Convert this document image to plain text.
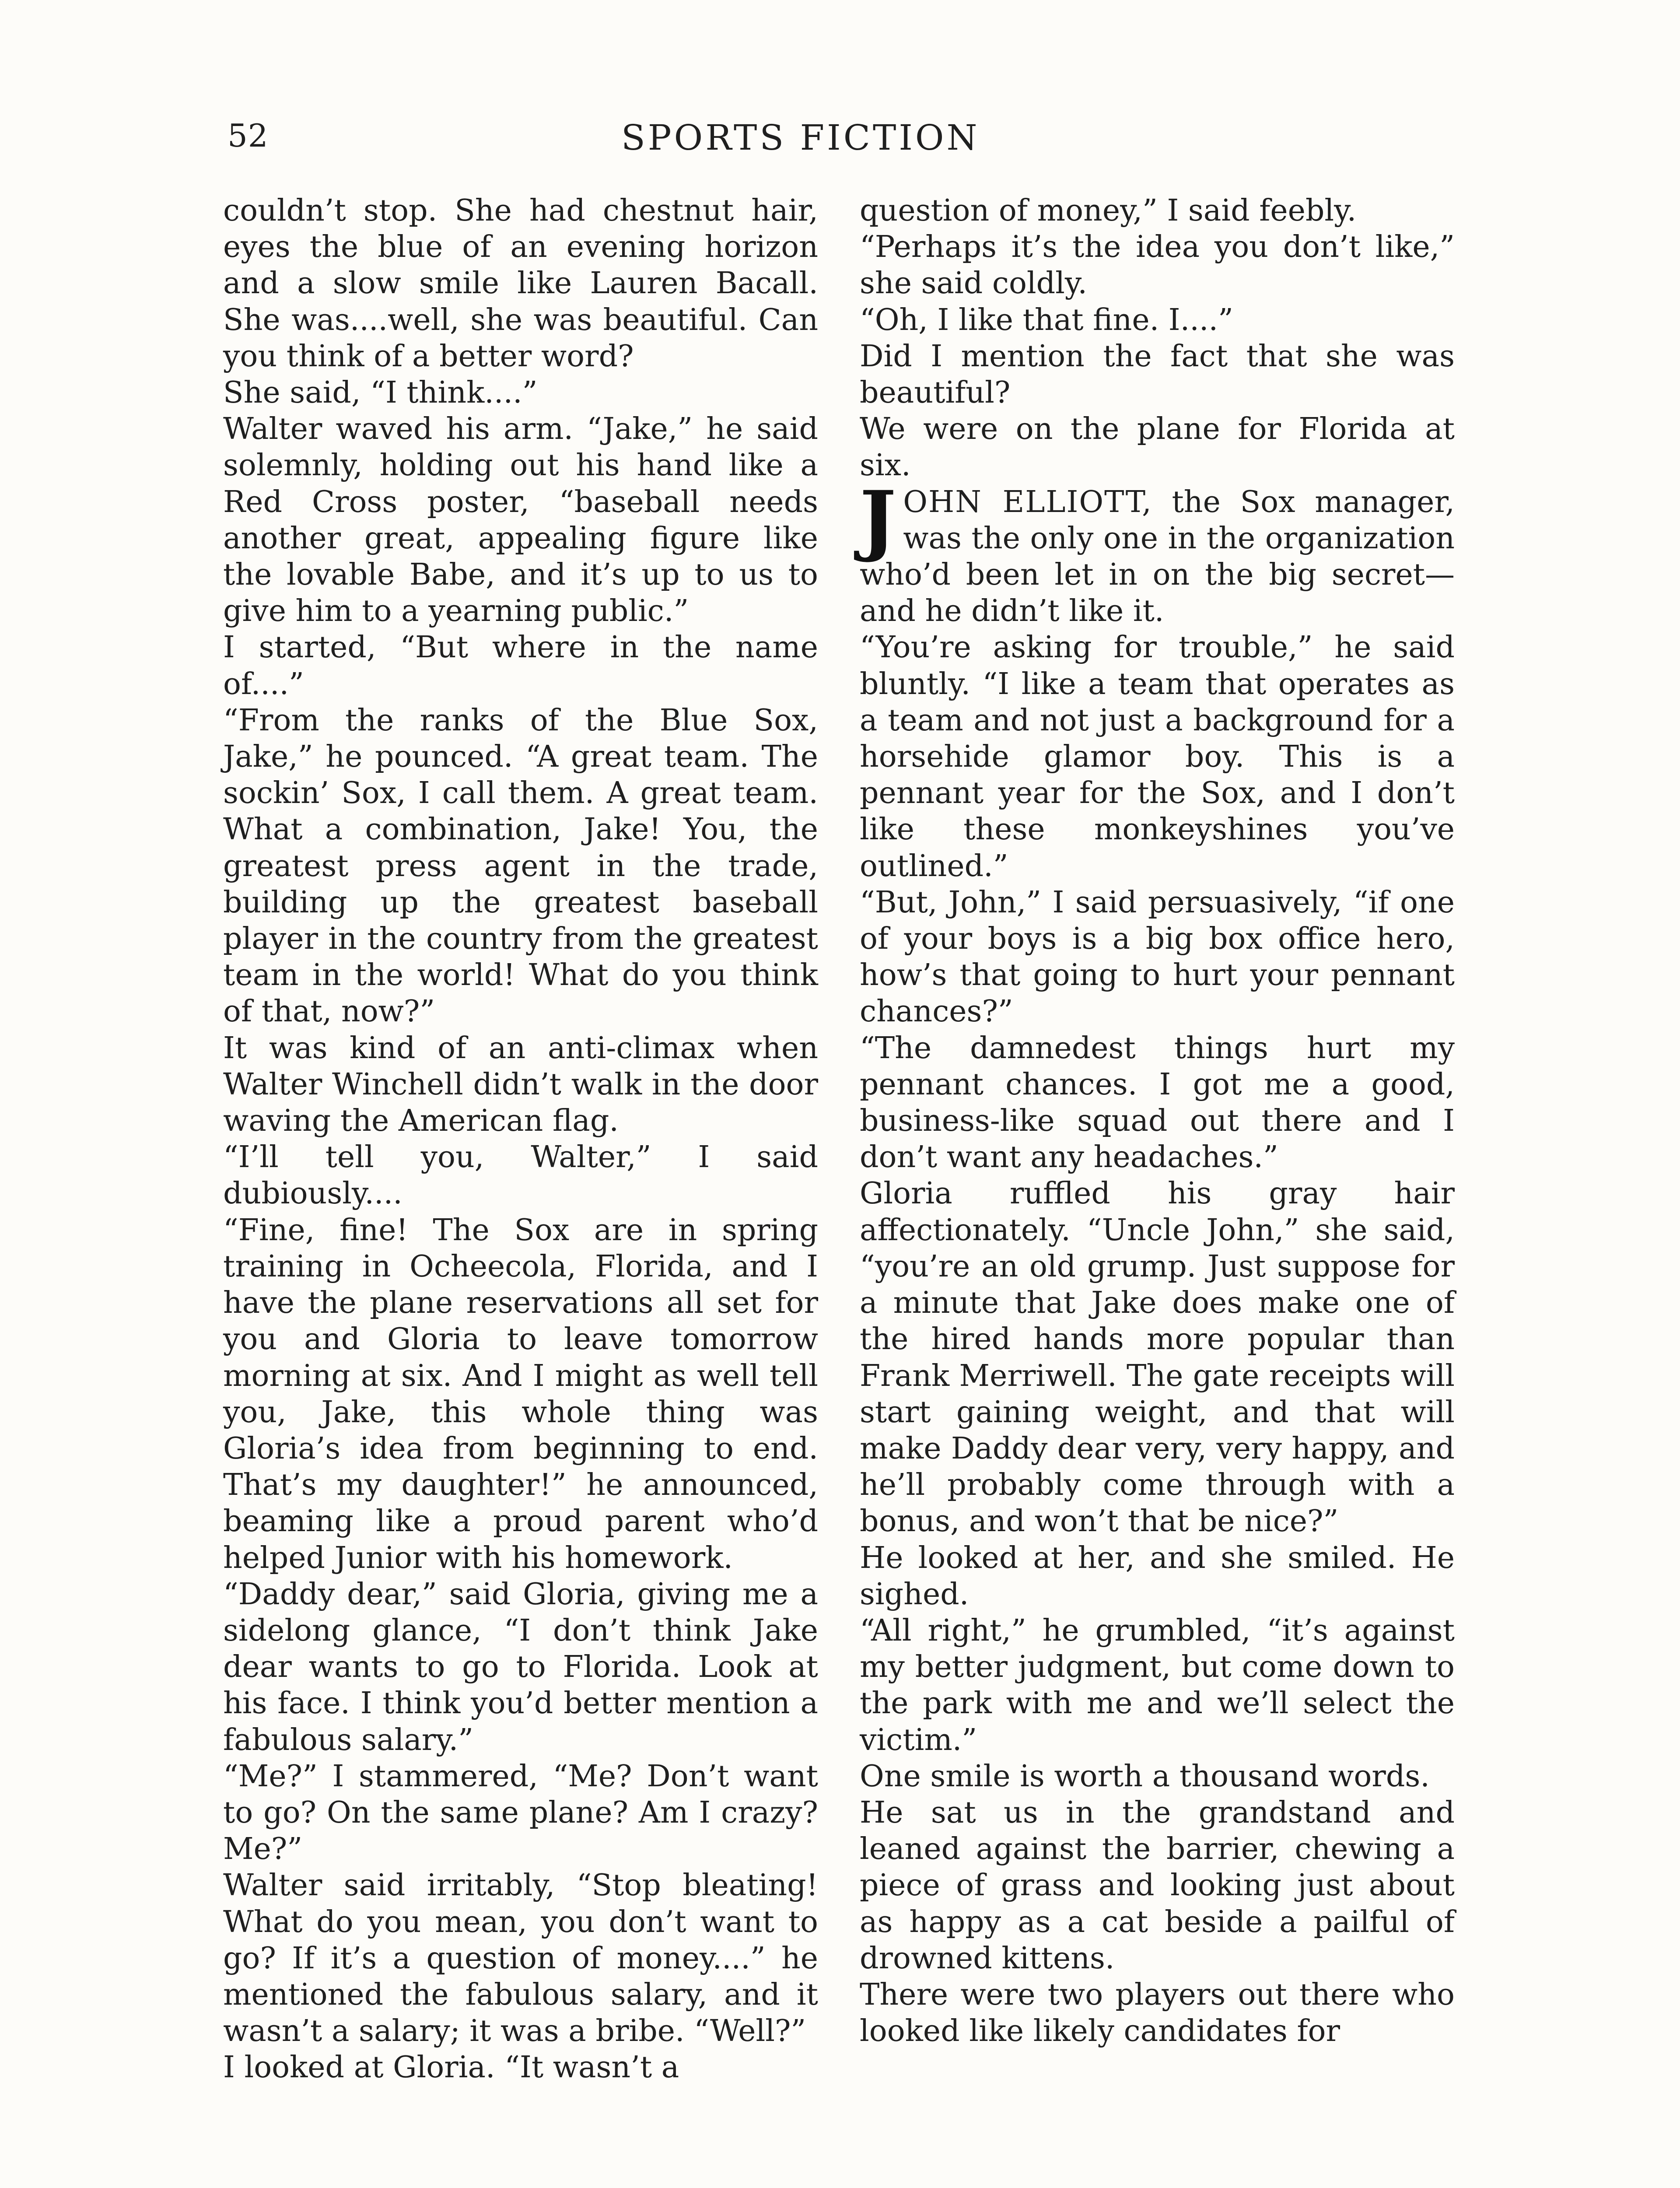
52	SPORTS FICTION

couldn’t stop. She had chestnut hair, eyes the blue of an evening horizon and a slow smile like Lauren Bacall. She was....well, she was beautiful. Can you think of a better word?

She said, “I think....”

Walter waved his arm. “Jake,” he said solemnly, holding out his hand like a Red Cross poster, “baseball needs another great, appealing figure like the lovable Babe, and it’s up to us to give him to a yearning public.”

I started, “But where in the name of....”

“From the ranks of the Blue Sox, Jake,” he pounced. “A great team. The sockin’ Sox, I call them. A great team. What a combination, Jake! You, the greatest press agent in the trade, building up the greatest baseball player in the country from the greatest team in the world! What do you think of that, now?”

It was kind of an anti-climax when Walter Winchell didn’t walk in the door waving the American flag.

“I’ll tell you, Walter,” I said dubiously....

“Fine, fine! The Sox are in spring training in Ocheecola, Florida, and I have the plane reservations all set for you and Gloria to leave tomorrow morning at six. And I might as well tell you, Jake, this whole thing was Gloria’s idea from beginning to end. That’s my daughter!” he announced, beaming like a proud parent who’d helped Junior with his homework.

“Daddy dear,” said Gloria, giving me a sidelong glance, “I don’t think Jake dear wants to go to Florida. Look at his face. I think you’d better mention a fabulous salary.”

“Me?” I stammered, “Me? Don’t want to go? On the same plane? Am I crazy? Me?”

Walter said irritably, “Stop bleating! What do you mean, you don’t want to go? If it’s a question of money....” he mentioned the fabulous salary, and it wasn’t a salary; it was a bribe. “Well?”

I looked at Gloria. “It wasn’t a

question of money,” I said feebly.

“Perhaps it’s the idea you don’t like,” she said coldly.

“Oh, I like that fine. I....”

Did I mention the fact that she was beautiful?

We were on the plane for Florida at six.

JOHN ELLIOTT, the Sox manager, was the only one in the organization who’d been let in on the big secret—and he didn’t like it.

“You’re asking for trouble,” he said bluntly. “I like a team that operates as a team and not just a background for a horsehide glamor boy. This is a pennant year for the Sox, and I don’t like these monkeyshines you’ve outlined.”

“But, John,” I said persuasively, “if one of your boys is a big box office hero, how’s that going to hurt your pennant chances?”

“The damnedest things hurt my pennant chances. I got me a good, business-like squad out there and I don’t want any headaches.”

Gloria ruffled his gray hair affectionately. “Uncle John,” she said, “you’re an old grump. Just suppose for a minute that Jake does make one of the hired hands more popular than Frank Merriwell. The gate receipts will start gaining weight, and that will make Daddy dear very, very happy, and he’ll probably come through with a bonus, and won’t that be nice?”

He looked at her, and she smiled. He sighed.

“All right,” he grumbled, “it’s against my better judgment, but come down to the park with me and we’ll select the victim.”

One smile is worth a thousand words.

He sat us in the grandstand and leaned against the barrier, chewing a piece of grass and looking just about as happy as a cat beside a pailful of drowned kittens.

There were two players out there who looked like likely candidates for
